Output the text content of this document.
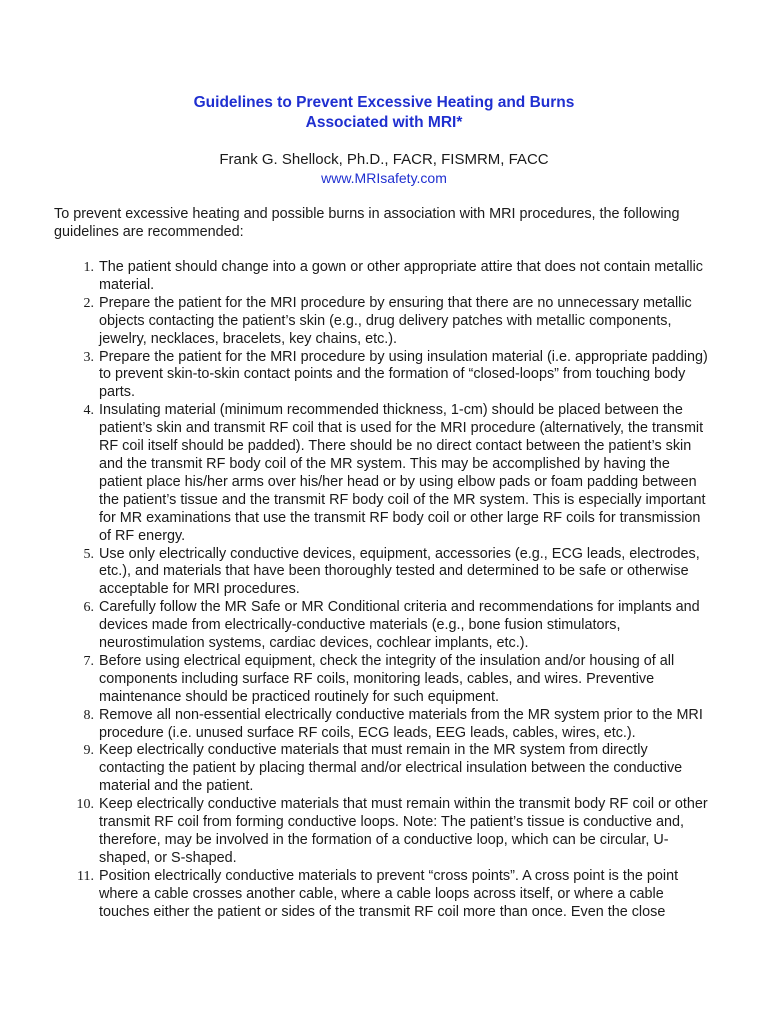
Guidelines to Prevent Excessive Heating and Burns
Associated with MRI*
Frank G. Shellock, Ph.D., FACR, FISMRM, FACC
www.MRIsafety.com
To prevent excessive heating and possible burns in association with MRI procedures, the following guidelines are recommended:
1. The patient should change into a gown or other appropriate attire that does not contain metallic material.
2. Prepare the patient for the MRI procedure by ensuring that there are no unnecessary metallic objects contacting the patient’s skin (e.g., drug delivery patches with metallic components, jewelry, necklaces, bracelets, key chains, etc.).
3. Prepare the patient for the MRI procedure by using insulation material (i.e. appropriate padding) to prevent skin-to-skin contact points and the formation of “closed-loops” from touching body parts.
4. Insulating material (minimum recommended thickness, 1-cm) should be placed between the patient’s skin and transmit RF coil that is used for the MRI procedure (alternatively, the transmit RF coil itself should be padded). There should be no direct contact between the patient’s skin and the transmit RF body coil of the MR system. This may be accomplished by having the patient place his/her arms over his/her head or by using elbow pads or foam padding between the patient’s tissue and the transmit RF body coil of the MR system. This is especially important for MR examinations that use the transmit RF body coil or other large RF coils for transmission of RF energy.
5. Use only electrically conductive devices, equipment, accessories (e.g., ECG leads, electrodes, etc.), and materials that have been thoroughly tested and determined to be safe or otherwise acceptable for MRI procedures.
6. Carefully follow the MR Safe or MR Conditional criteria and recommendations for implants and devices made from electrically-conductive materials (e.g., bone fusion stimulators, neurostimulation systems, cardiac devices, cochlear implants, etc.).
7. Before using electrical equipment, check the integrity of the insulation and/or housing of all components including surface RF coils, monitoring leads, cables, and wires. Preventive maintenance should be practiced routinely for such equipment.
8. Remove all non-essential electrically conductive materials from the MR system prior to the MRI procedure (i.e. unused surface RF coils, ECG leads, EEG leads, cables, wires, etc.).
9. Keep electrically conductive materials that must remain in the MR system from directly contacting the patient by placing thermal and/or electrical insulation between the conductive material and the patient.
10. Keep electrically conductive materials that must remain within the transmit body RF coil or other transmit RF coil from forming conductive loops. Note: The patient’s tissue is conductive and, therefore, may be involved in the formation of a conductive loop, which can be circular, U-shaped, or S-shaped.
11. Position electrically conductive materials to prevent “cross points”. A cross point is the point where a cable crosses another cable, where a cable loops across itself, or where a cable touches either the patient or sides of the transmit RF coil more than once. Even the close
